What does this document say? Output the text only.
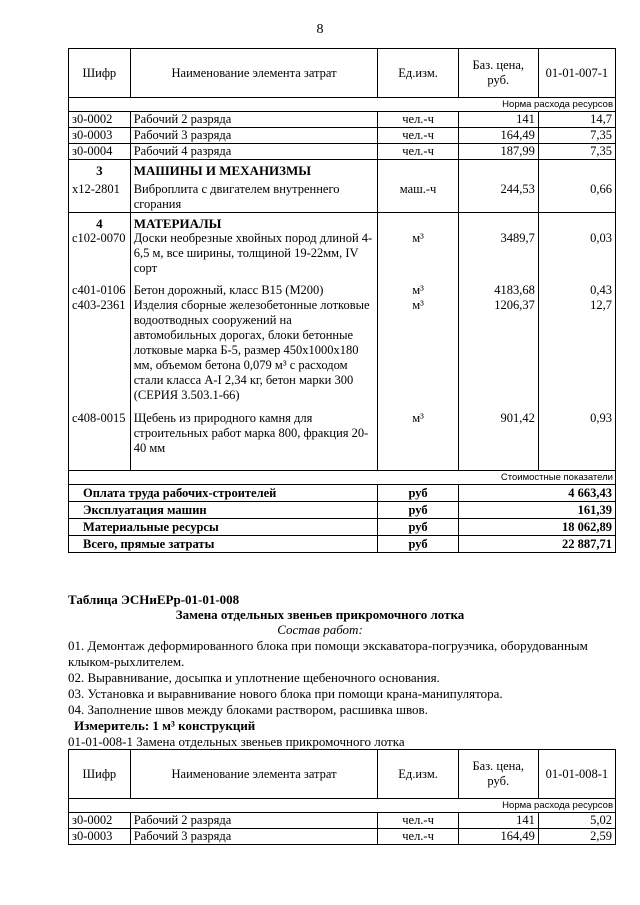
8
Шифр	Наименование элемента затрат	Ед.изм.	Баз. цена, руб.	01-01-007-1
Норма расхода ресурсов				
з0-0002	Рабочий 2 разряда	чел.-ч	141	14,7
з0-0003	Рабочий 3 разряда	чел.-ч	164,49	7,35
з0-0004	Рабочий 4 разряда	чел.-ч	187,99	7,35
3	МАШИНЫ И МЕХАНИЗМЫ			
х12-2801	Виброплита с двигателем внутреннего сгорания	маш.-ч	244,53	0,66
4	МАТЕРИАЛЫ			
с102-0070	Доски необрезные хвойных пород длиной 4-6,5 м, все ширины, толщиной 19-22мм, IV сорт	м³	3489,7	0,03
с401-0106	Бетон дорожный, класс В15 (М200)	м³	4183,68	0,43
с403-2361	Изделия сборные железобетонные лотковые водоотводных сооружений на автомобильных дорогах, блоки бетонные лотковые марка Б-5, размер 450х1000х180 мм, объемом бетона 0,079 м³ с расходом стали класса А-I 2,34 кг, бетон марки 300 (СЕРИЯ 3.503.1-66)	м³	1206,37	12,7
с408-0015	Щебень из природного камня для строительных работ марка 800, фракция 20-40 мм	м³	901,42	0,93
Стоимостные показатели				
Оплата труда рабочих-строителей		руб	4 663,43	
Эксплуатация машин		руб	161,39	
Материальные ресурсы		руб	18 062,89	
Всего, прямые затраты		руб	22 887,71	
Таблица ЭСНиЕРр-01-01-008
Замена отдельных звеньев прикромочного лотка
Состав работ:
01. Демонтаж деформированного блока при помощи экскаватора-погрузчика, оборудованным клыком-рыхлителем.
02. Выравнивание, досыпка и уплотнение щебеночного основания.
03. Установка и выравнивание нового блока при помощи крана-манипулятора.
04. Заполнение швов между блоками раствором, расшивка швов.
Измеритель: 1 м³ конструкций
01-01-008-1 Замена отдельных звеньев прикромочного лотка
Шифр	Наименование элемента затрат	Ед.изм.	Баз. цена, руб.	01-01-008-1
Норма расхода ресурсов				
з0-0002	Рабочий 2 разряда	чел.-ч	141	5,02
з0-0003	Рабочий 3 разряда	чел.-ч	164,49	2,59
